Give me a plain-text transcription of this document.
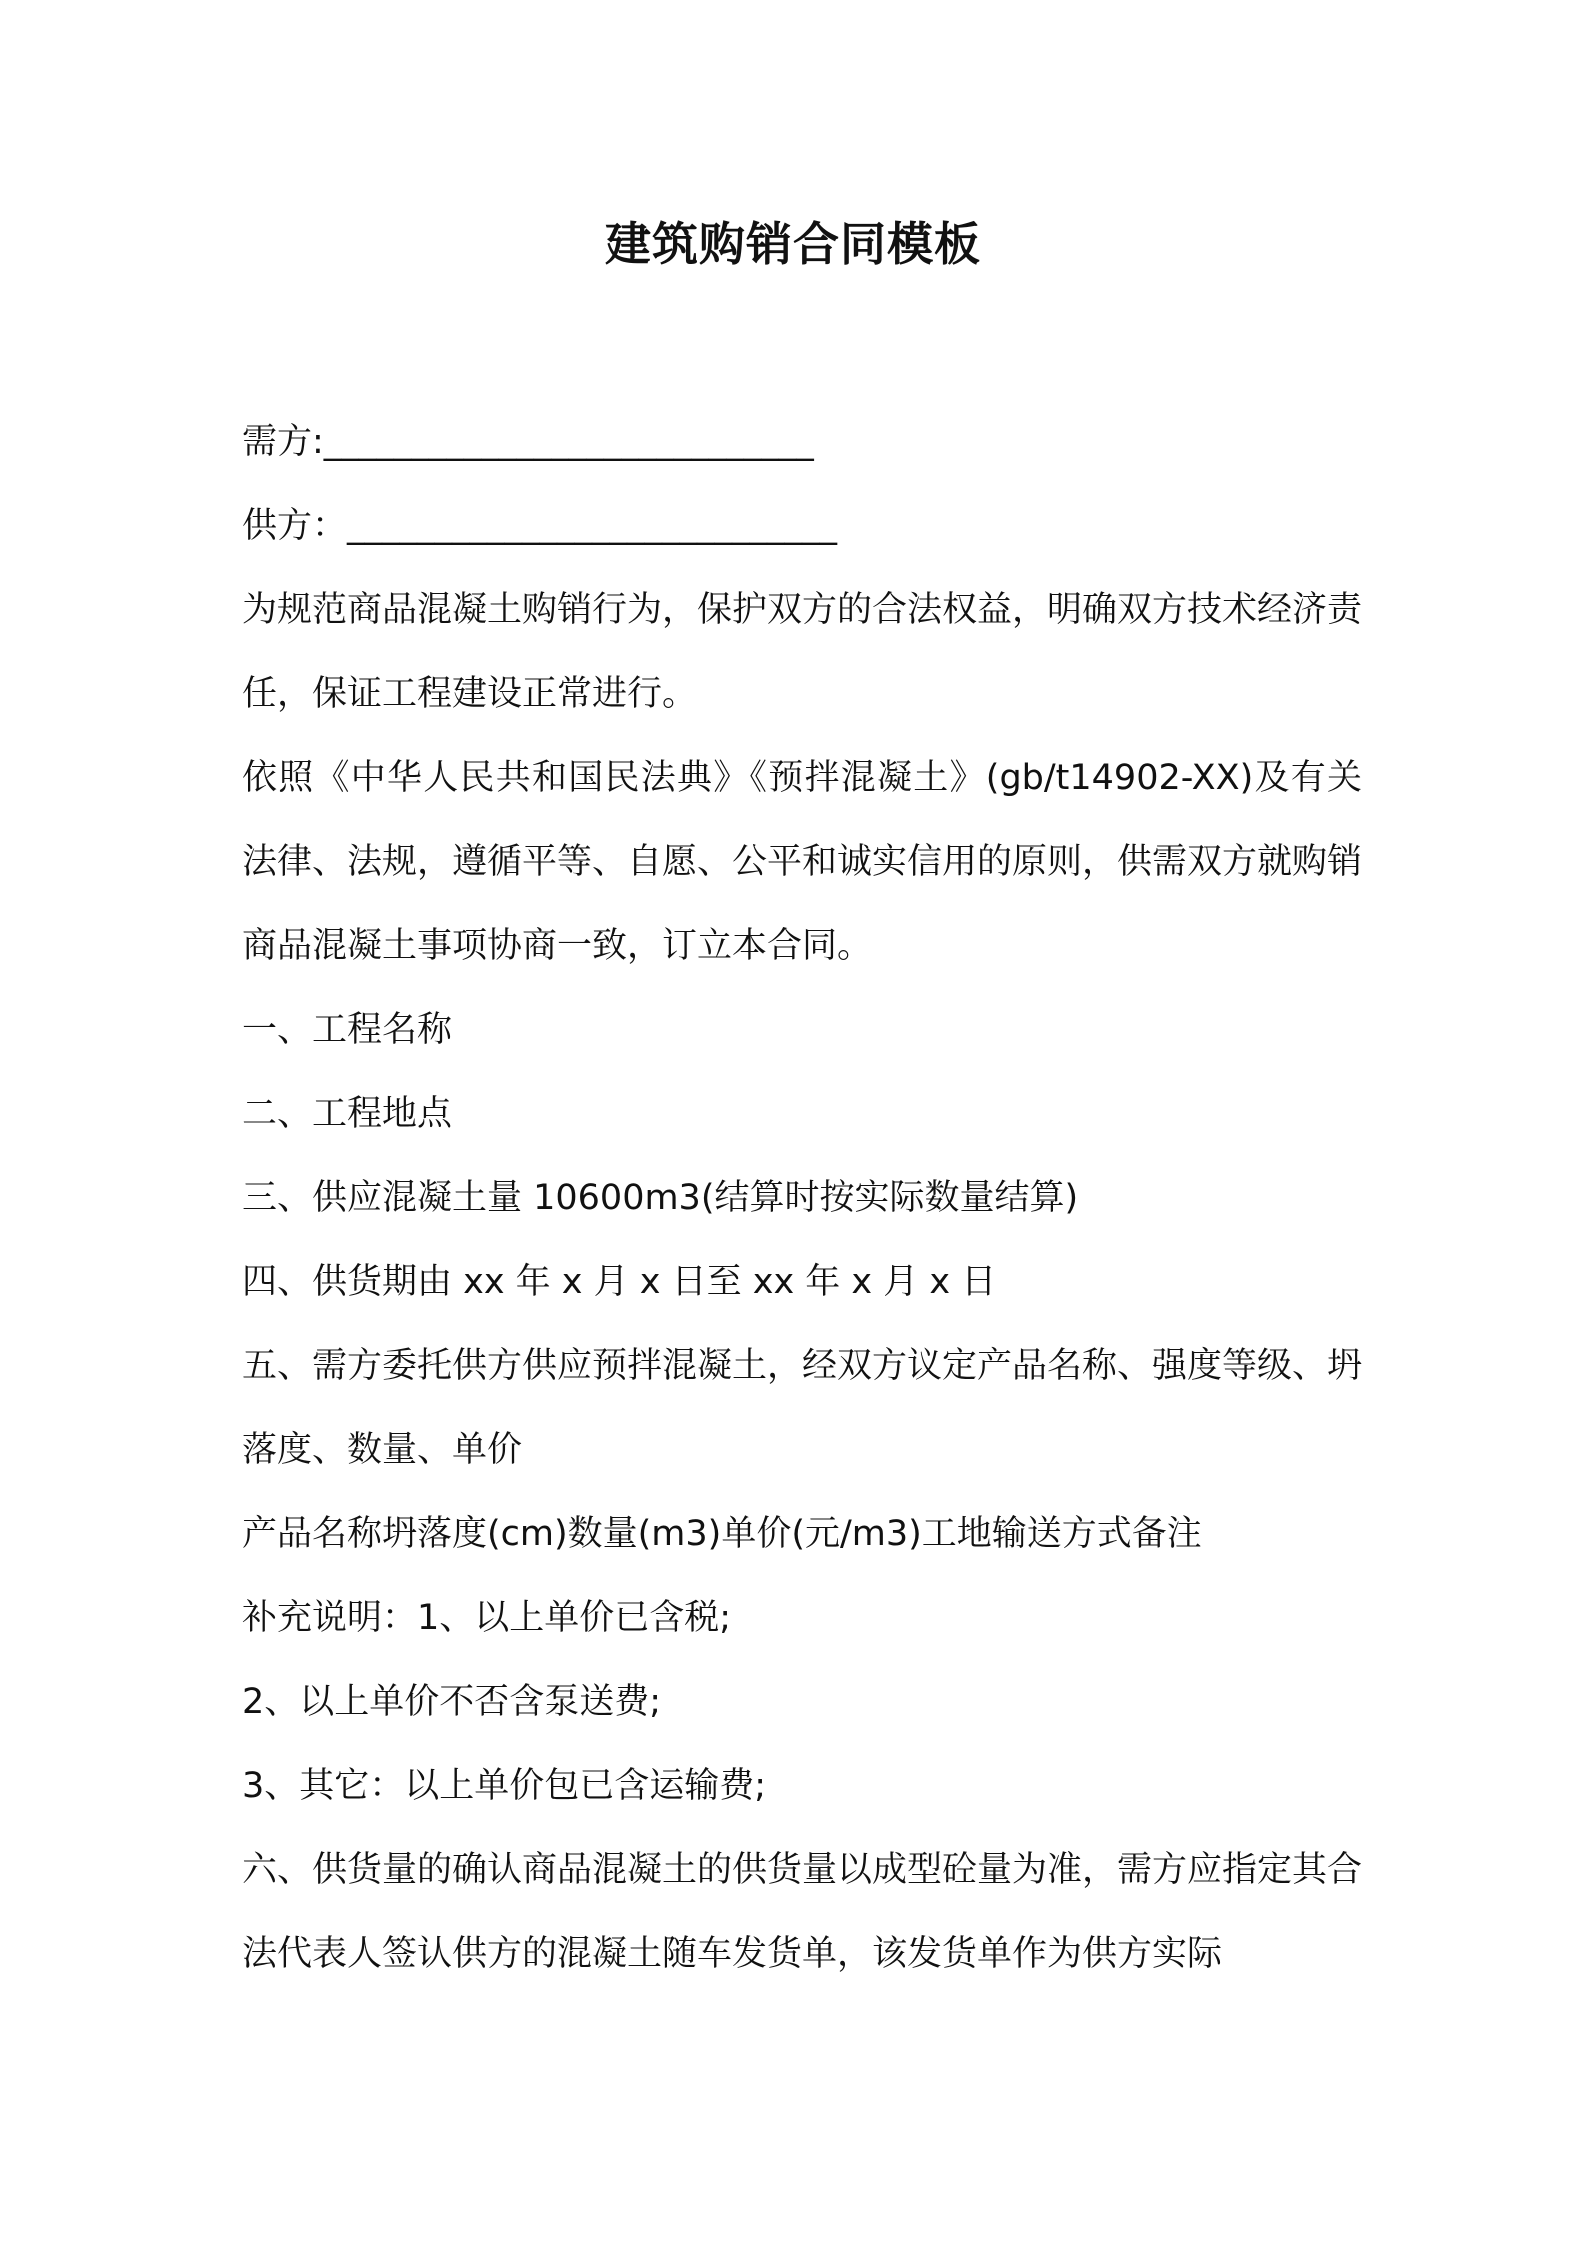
建筑购销合同模板

需方:____________________________

供方：____________________________

为规范商品混凝土购销行为，保护双方的合法权益，明确双方技术经济责任，保证工程建设正常进行。

依照《中华人民共和国民法典》《预拌混凝土》(gb/t14902-XX)及有关法律、法规，遵循平等、自愿、公平和诚实信用的原则，供需双方就购销商品混凝土事项协商一致，订立本合同。

一、工程名称

二、工程地点

三、供应混凝土量 10600m3(结算时按实际数量结算)

四、供货期由 xx 年 x 月 x 日至 xx 年 x 月 x 日

五、需方委托供方供应预拌混凝土，经双方议定产品名称、强度等级、坍落度、数量、单价

产品名称坍落度(cm)数量(m3)单价(元/m3)工地输送方式备注

补充说明：1、以上单价已含税;

2、以上单价不否含泵送费;

3、其它：以上单价包已含运输费;

六、供货量的确认商品混凝土的供货量以成型砼量为准，需方应指定其合法代表人签认供方的混凝土随车发货单，该发货单作为供方实际
